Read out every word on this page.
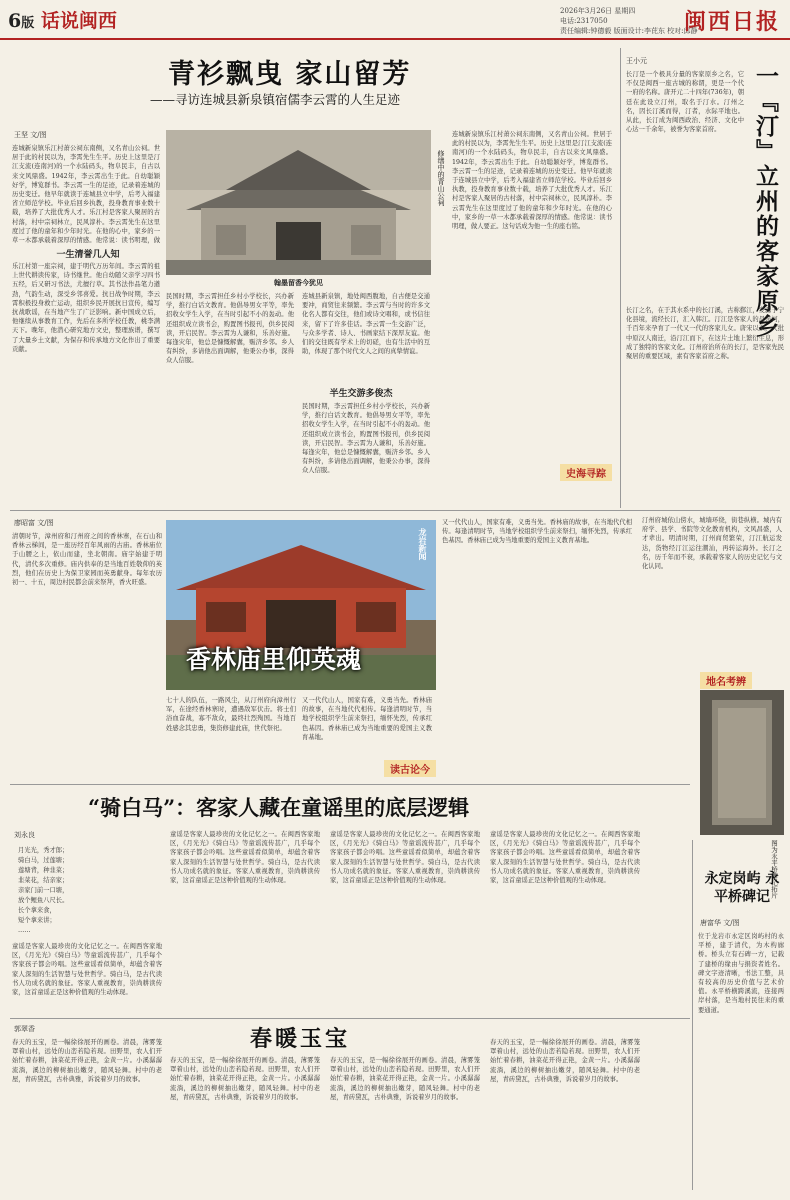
6版 话说闽西	2026年3月26日 星期四
电话:2317050
责任编辑:钟德毅 版面设计:李芘东 校对:邱静
闽西日报
青衫飘曳 家山留芳
——寻访连城县新泉镇宿儒李云霄的人生足迹
王坚 文/图
连城新泉镇乐江村萧公祠东南侧，又名青山公祠。世居于此的村民以为，李霄先生生平。历史上这里是汀江支流(连南河)的一个水陆码头，物阜民丰，自古以来文风鼎盛。1942年，李云霄出生于此。自幼聪颖好学，博览群书。李云霄一生的足迹，记录着连城的历史变迁。他早年就读于连城县立中学，后考入福建省立师范学校。毕业后回乡执教，投身教育事业数十载，培养了大批优秀人才。乐江村是客家人聚居的古村落，村中宗祠林立，民风淳朴。李云霄先生在这里度过了他的童年和少年时光。在他的心中，家乡的一草一木都承载着深厚的情感。他常说：读书明理，做
一生清誉几人知
乐江村第一座宗祠，建于明代万历年间。李云霄的祖上世代耕读传家，诗书继世。他自幼随父亲学习四书五经，后又研习书法，尤擅行草。其书法作品笔力遒劲，气韵生动，深受乡邻喜爱。抗日战争时期，李云霄积极投身救亡运动，组织乡民开展抗日宣传，编写抗战歌谣，在当地产生了广泛影响。新中国成立后，他继续从事教育工作，先后在多所学校任教，桃李满天下。晚年，他潜心研究地方文史，整理族谱，撰写了大量乡土文献，为保存和传承地方文化作出了重要贡献。
修缮中的青山公祠
翰墨留香今犹见
民国时期，李云霄担任乡村小学校长，兴办新学，推行白话文教育。他倡导男女平等，率先招收女学生入学，在当时引起不小的轰动。他还组织成立读书会，购置图书报刊，供乡民阅读，开启民智。李云霄为人谦和，乐善好施。每逢灾年，他总是慷慨解囊，赈济乡邻。乡人有纠纷，多请他出面调解，他秉公办事，深得众人信服。
半生交游多俊杰
连城县新泉镇，地处闽西腹地，自古便是交通要冲，商贸往来频繁。李云霄与当时的许多文化名人都有交往，他们或诗文唱和，或书信往来，留下了许多佳话。李云霄一生交游广泛，与众多学者、诗人、书画家结下深厚友谊。他们的交往既有学术上的切磋，也有生活中的互助，体现了那个时代文人之间的真挚情谊。
民国时期，李云霄担任乡村小学校长，兴办新学，推行白话文教育。他倡导男女平等，率先招收女学生入学，在当时引起不小的轰动。他还组织成立读书会，购置图书报刊，供乡民阅读，开启民智。李云霄为人谦和，乐善好施。每逢灾年，他总是慷慨解囊，赈济乡邻。乡人有纠纷，多请他出面调解，他秉公办事，深得众人信服。
连城新泉镇乐江村萧公祠东南侧，又名青山公祠。世居于此的村民以为，李霄先生生平。历史上这里是汀江支流(连南河)的一个水陆码头，物阜民丰，自古以来文风鼎盛。1942年，李云霄出生于此。自幼聪颖好学，博览群书。李云霄一生的足迹，记录着连城的历史变迁。他早年就读于连城县立中学，后考入福建省立师范学校。毕业后回乡执教，投身教育事业数十载，培养了大批优秀人才。乐江村是客家人聚居的古村落，村中宗祠林立，民风淳朴。李云霄先生在这里度过了他的童年和少年时光。在他的心中，家乡的一草一木都承载着深厚的情感。他常说：读书明理，做人要正。这句话成为他一生的座右铭。
史海寻踪
王小元
长汀是一个极具分量的客家原乡之名，它不仅是闽西一座古城的称谓，更是一个代一府的名称。唐开元二十四年(736年)，朝廷在此设立汀州，取名于汀水。汀州之名，因长汀溪而得，汀者，水际平地也。从此，长汀成为闽西政治、经济、文化中心达一千余年，被誉为客家首府。	一『汀』立州的客家原乡
长汀之名，在于其水系中的长汀溪，古称鄞江，发源于宁化县境，流经长汀，汇入韩江。汀江是客家人的母亲河，千百年来孕育了一代又一代的客家儿女。唐宋以来，大批中原汉人南迁，沿汀江而下，在这片土地上繁衍生息，形成了独特的客家文化。汀州府治所在的长汀，是客家先民聚居的重要区域，素有客家首府之称。
汀州府城依山傍水，城墙环绕，街巷纵横。城内有府学、县学、书院等文化教育机构，文风昌盛，人才辈出。明清时期，汀州商贸繁荣，汀江航运发达，货物经汀江运往潮汕，再转运海外。长汀之名，历千年而不衰，承载着客家人的历史记忆与文化认同。
地名考辨
廖昭富 文/图
清朝时节，漳州府和汀州府之间的香林寨，在石山和香林云梯间，是一座历经百年风雨的古庙。香林庙位于山腰之上，依山而建，坐北朝南。庙宇始建于明代，清代多次重修。庙内供奉的是当地百姓敬仰的英烈，他们在历史上为保卫家园而英勇献身。每年农历初一、十五，周边村民都会前来祭拜，香火旺盛。
香林庙里仰英魂
龙岩新闻
七十人的队伍，一路风尘，从汀州府向漳州行军，在途经香林寨时，遭遇敌军伏击。将士们浴血奋战，寡不敌众，最终壮烈殉国。当地百姓感念其忠勇，集资修建此庙，世代祭祀。
又一代代山人，国家有难，义勇当先。香林庙的故事，在当地代代相传。每逢清明时节，当地学校组织学生前来祭扫，缅怀先烈，传承红色基因。香林庙已成为当地重要的爱国主义教育基地。
读古论今
又一代代山人，国家有难，义勇当先。香林庙的故事，在当地代代相传。每逢清明时节，当地学校组织学生前来祭扫，缅怀先烈，传承红色基因。香林庙已成为当地重要的爱国主义教育基地。
图为永平桥碑记拓片
“骑白马”：客家人藏在童谣里的底层逻辑
刘永良
月光光，秀才郎；
骑白马，过莲塘；
莲塘背，种韭菜；
韭菜花，结亲家；
亲家门前一口塘，
放个鲤鱼八尺长。
长个拿来食，
短个拿来讲；
……
童谣是客家人最珍贵的文化记忆之一。在闽西客家地区，《月光光》《骑白马》等童谣流传甚广，几乎每个客家孩子都会吟唱。这些童谣看似简单，却蕴含着客家人深刻的生活智慧与处世哲学。骑白马，是古代读书人功成名就的象征。客家人重视教育，崇尚耕读传家，这首童谣正是这种价值观的生动体现。
童谣是客家人最珍贵的文化记忆之一。在闽西客家地区，《月光光》《骑白马》等童谣流传甚广，几乎每个客家孩子都会吟唱。这些童谣看似简单，却蕴含着客家人深刻的生活智慧与处世哲学。骑白马，是古代读书人功成名就的象征。客家人重视教育，崇尚耕读传家，这首童谣正是这种价值观的生动体现。
童谣是客家人最珍贵的文化记忆之一。在闽西客家地区，《月光光》《骑白马》等童谣流传甚广，几乎每个客家孩子都会吟唱。这些童谣看似简单，却蕴含着客家人深刻的生活智慧与处世哲学。骑白马，是古代读书人功成名就的象征。客家人重视教育，崇尚耕读传家，这首童谣正是这种价值观的生动体现。
童谣是客家人最珍贵的文化记忆之一。在闽西客家地区，《月光光》《骑白马》等童谣流传甚广，几乎每个客家孩子都会吟唱。这些童谣看似简单，却蕴含着客家人深刻的生活智慧与处世哲学。骑白马，是古代读书人功成名就的象征。客家人重视教育，崇尚耕读传家，这首童谣正是这种价值观的生动体现。	永定岗屿 永平桥碑记
唐富华 文/图
位于龙岩市永定区岗屿村的永平桥，建于清代，为木构廊桥。桥头立有石碑一方，记载了建桥的缘由与捐资者姓名。碑文字迹清晰，书法工整，具有较高的历史价值与艺术价值。永平桥横跨溪流，连接两岸村落，是当地村民往来的重要通道。
春暖玉宝
郭翠香
春天的玉宝，是一幅徐徐展开的画卷。清晨，薄雾笼罩着山村，远处的山峦若隐若现。田野里，农人们开始忙着春耕，油菜花开得正艳，金黄一片。小溪潺潺流淌，溪边的柳树抽出嫩芽，随风轻舞。村中的老屋，青砖黛瓦，古朴典雅，诉说着岁月的故事。
春天的玉宝，是一幅徐徐展开的画卷。清晨，薄雾笼罩着山村，远处的山峦若隐若现。田野里，农人们开始忙着春耕，油菜花开得正艳，金黄一片。小溪潺潺流淌，溪边的柳树抽出嫩芽，随风轻舞。村中的老屋，青砖黛瓦，古朴典雅，诉说着岁月的故事。
春天的玉宝，是一幅徐徐展开的画卷。清晨，薄雾笼罩着山村，远处的山峦若隐若现。田野里，农人们开始忙着春耕，油菜花开得正艳，金黄一片。小溪潺潺流淌，溪边的柳树抽出嫩芽，随风轻舞。村中的老屋，青砖黛瓦，古朴典雅，诉说着岁月的故事。
春天的玉宝，是一幅徐徐展开的画卷。清晨，薄雾笼罩着山村，远处的山峦若隐若现。田野里，农人们开始忙着春耕，油菜花开得正艳，金黄一片。小溪潺潺流淌，溪边的柳树抽出嫩芽，随风轻舞。村中的老屋，青砖黛瓦，古朴典雅，诉说着岁月的故事。
